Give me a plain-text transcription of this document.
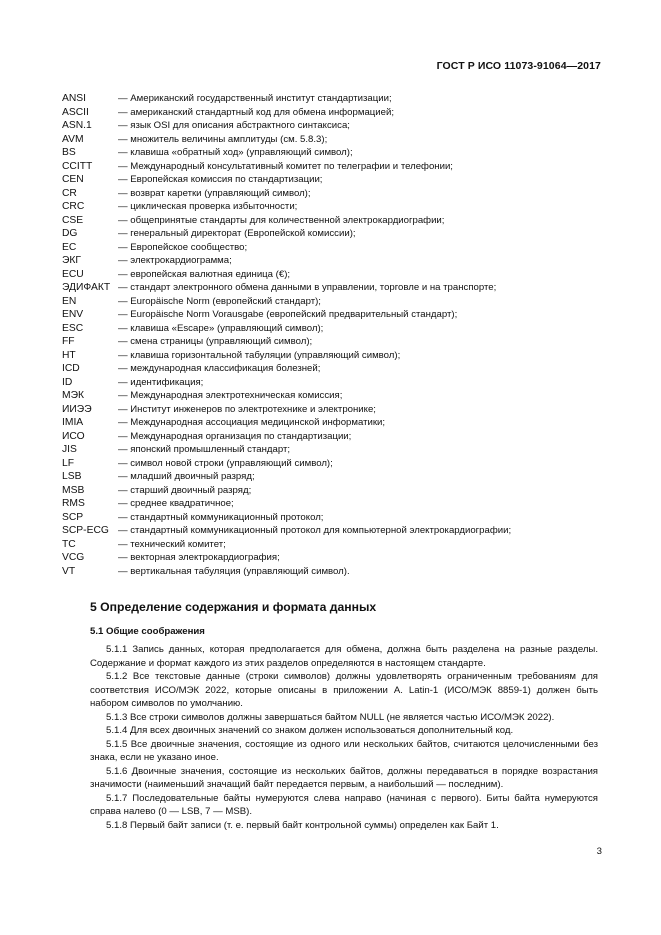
ГОСТ Р ИСО 11073-91064—2017
ANSI	— Американский государственный институт стандартизации;
ASCII	— американский стандартный код для обмена информацией;
ASN.1	— язык OSI для описания абстрактного синтаксиса;
AVM	— множитель величины амплитуды (см. 5.8.3);
BS	— клавиша «обратный ход» (управляющий символ);
CCITT	— Международный консультативный комитет по телеграфии и телефонии;
CEN	— Европейская комиссия по стандартизации;
CR	— возврат каретки (управляющий символ);
CRC	— циклическая проверка избыточности;
CSE	— общепринятые стандарты для количественной электрокардиографии;
DG	— генеральный директорат (Европейской комиссии);
EC	— Европейское сообщество;
ЭКГ	— электрокардиограмма;
ECU	— европейская валютная единица (€);
ЭДИФАКТ — стандарт электронного обмена данными в управлении, торговле и на транспорте;
EN	— Europäische Norm (европейский стандарт);
ENV	— Europäische Norm Vorausgabe (европейский предварительный стандарт);
ESC	— клавиша «Escape» (управляющий символ);
FF	— смена страницы (управляющий символ);
HT	— клавиша горизонтальной табуляции (управляющий символ);
ICD	— международная классификация болезней;
ID	— идентификация;
МЭК	— Международная электротехническая комиссия;
ИИЭЭ	— Институт инженеров по электротехнике и электронике;
IMIA	— Международная ассоциация медицинской информатики;
ИСО	— Международная организация по стандартизации;
JIS	— японский промышленный стандарт;
LF	— символ новой строки (управляющий символ);
LSB	— младший двоичный разряд;
MSB	— старший двоичный разряд;
RMS	— среднее квадратичное;
SCP	— стандартный коммуникационный протокол;
SCP-ECG — стандартный коммуникационный протокол для компьютерной электрокардиографии;
TC	— технический комитет;
VCG	— векторная электрокардиография;
VT	— вертикальная табуляция (управляющий символ).
5 Определение содержания и формата данных
5.1 Общие соображения

5.1.1 Запись данных, которая предполагается для обмена, должна быть разделена на разные разделы. Содержание и формат каждого из этих разделов определяются в настоящем стандарте.

5.1.2 Все текстовые данные (строки символов) должны удовлетворять ограниченным требованиям для соответствия ИСО/МЭК 2022, которые описаны в приложении A. Latin-1 (ИСО/МЭК 8859-1) должен быть набором символов по умолчанию.

5.1.3 Все строки символов должны завершаться байтом NULL (не является частью ИСО/МЭК 2022).

5.1.4 Для всех двоичных значений со знаком должен использоваться дополнительный код.

5.1.5 Все двоичные значения, состоящие из одного или нескольких байтов, считаются целочисленными без знака, если не указано иное.

5.1.6 Двоичные значения, состоящие из нескольких байтов, должны передаваться в порядке возрастания значимости (наименьший значащий байт передается первым, а наибольший — последним).

5.1.7 Последовательные байты нумеруются слева направо (начиная с первого). Биты байта нумеруются справа налево (0 — LSB, 7 — MSB).

5.1.8 Первый байт записи (т. е. первый байт контрольной суммы) определен как Байт 1.

3
